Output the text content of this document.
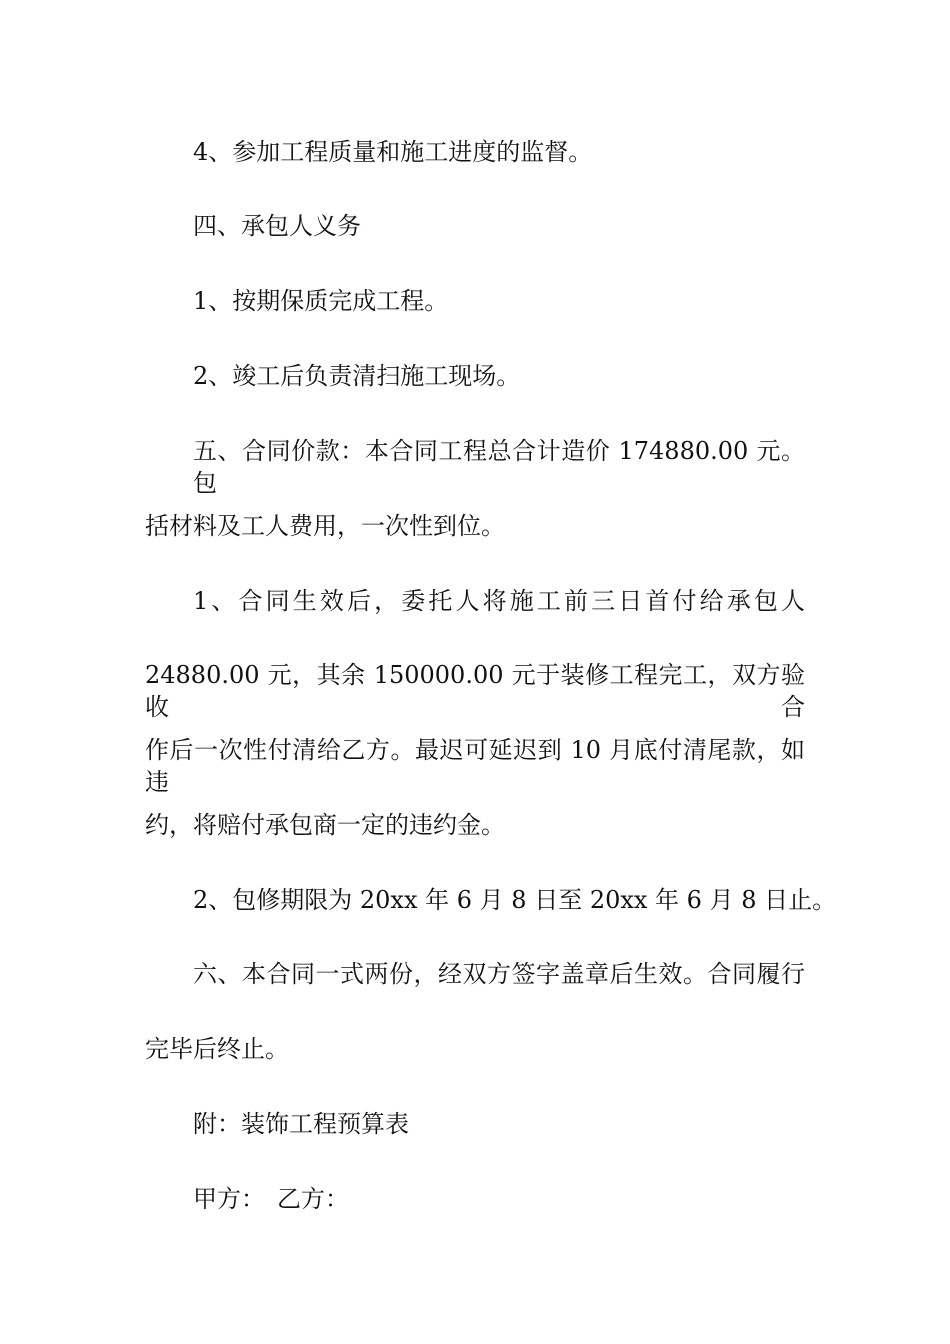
4、参加工程质量和施工进度的监督。

四、承包人义务

1、按期保质完成工程。

2、竣工后负责清扫施工现场。

五、合同价款：本合同工程总合计造价 174880.00 元。包

括材料及工人费用，一次性到位。

1、合同生效后，委托人将施工前三日首付给承包人

24880.00 元，其余 150000.00 元于装修工程完工，双方验收合

作后一次性付清给乙方。最迟可延迟到 10 月底付清尾款，如违

约，将赔付承包商一定的违约金。

2、包修期限为 20xx 年 6 月 8 日至 20xx 年 6 月 8 日止。

六、本合同一式两份，经双方签字盖章后生效。合同履行

完毕后终止。

附：装饰工程预算表

甲方：　乙方：
